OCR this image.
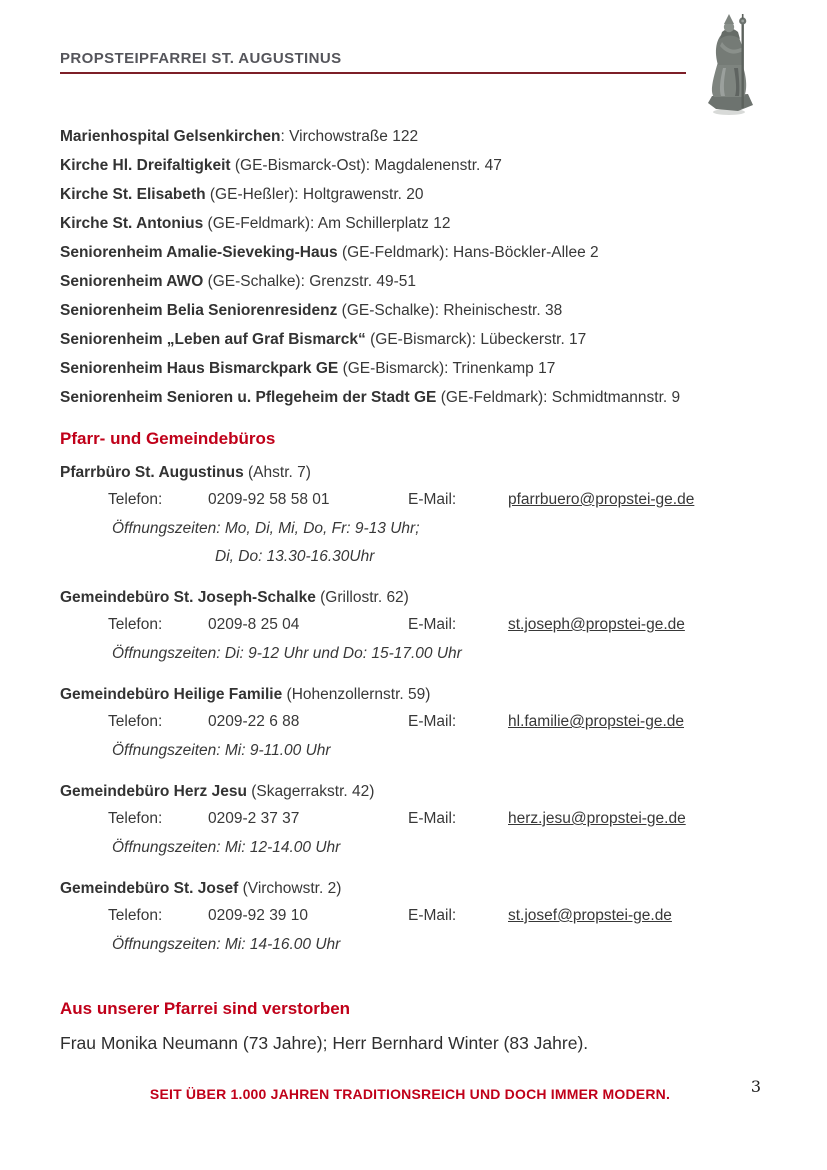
PROPSTEIPFARREI ST. AUGUSTINUS

Marienhospital Gelsenkirchen: Virchowstraße 122

Kirche Hl. Dreifaltigkeit (GE-Bismarck-Ost): Magdalenenstr. 47

Kirche St. Elisabeth (GE-Heßler): Holtgrawenstr. 20

Kirche St. Antonius (GE-Feldmark): Am Schillerplatz 12

Seniorenheim Amalie-Sieveking-Haus (GE-Feldmark): Hans-Böckler-Allee 2

Seniorenheim AWO (GE-Schalke): Grenzstr. 49-51

Seniorenheim Belia Seniorenresidenz (GE-Schalke): Rheinischestr. 38

Seniorenheim „Leben auf Graf Bismarck“ (GE-Bismarck): Lübeckerstr. 17

Seniorenheim Haus Bismarckpark GE (GE-Bismarck): Trinenkamp 17

Seniorenheim Senioren u. Pflegeheim der Stadt GE (GE-Feldmark): Schmidtmannstr. 9

Pfarr- und Gemeindebüros

Pfarrbüro St. Augustinus (Ahstr. 7)

Telefon:	0209-92 58 58 01	E-Mail:	pfarrbuero@propstei-ge.de

Öffnungszeiten: Mo, Di, Mi, Do, Fr: 9-13 Uhr;

Di, Do: 13.30-16.30Uhr

Gemeindebüro St. Joseph-Schalke (Grillostr. 62)

Telefon:	0209-8 25 04	E-Mail:	st.joseph@propstei-ge.de

Öffnungszeiten: Di: 9-12 Uhr und Do: 15-17.00 Uhr

Gemeindebüro Heilige Familie (Hohenzollernstr. 59)

Telefon:	0209-22 6 88	E-Mail:	hl.familie@propstei-ge.de

Öffnungszeiten: Mi: 9-11.00 Uhr

Gemeindebüro Herz Jesu (Skagerrakstr. 42)

Telefon:	0209-2 37 37	E-Mail:	herz.jesu@propstei-ge.de

Öffnungszeiten: Mi: 12-14.00 Uhr

Gemeindebüro St. Josef (Virchowstr. 2)

Telefon:	0209-92 39 10	E-Mail:	st.josef@propstei-ge.de

Öffnungszeiten: Mi: 14-16.00 Uhr

Aus unserer Pfarrei sind verstorben

Frau Monika Neumann (73 Jahre); Herr Bernhard Winter (83 Jahre).

SEIT ÜBER 1.000 JAHREN TRADITIONSREICH UND DOCH IMMER MODERN.	3
